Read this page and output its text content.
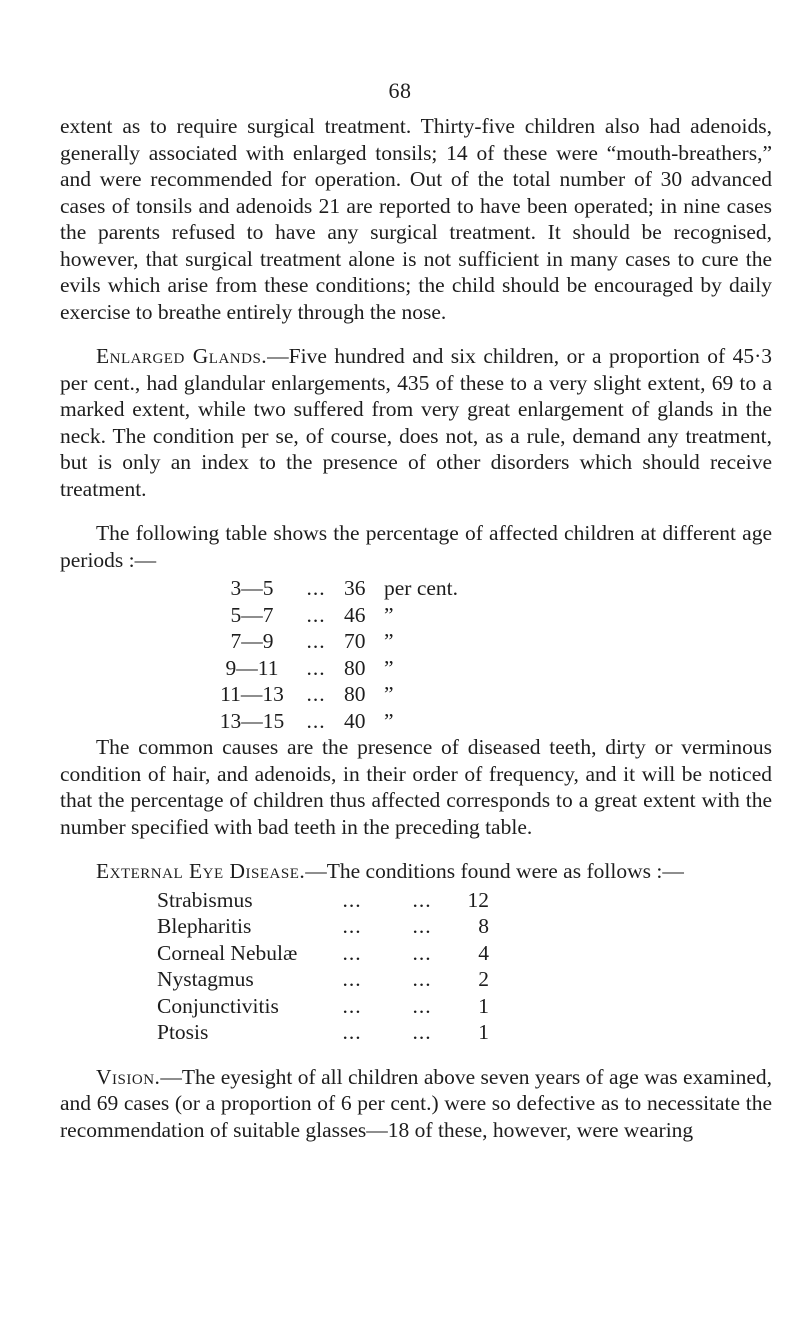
68

extent as to require surgical treatment. Thirty-five children also had adenoids, generally associated with enlarged tonsils; 14 of these were “mouth-breathers,” and were recommended for operation. Out of the total number of 30 advanced cases of tonsils and adenoids 21 are reported to have been operated; in nine cases the parents refused to have any surgical treatment. It should be recognised, however, that surgical treatment alone is not sufficient in many cases to cure the evils which arise from these conditions; the child should be encouraged by daily exercise to breathe entirely through the nose.

Enlarged Glands.—Five hundred and six children, or a proportion of 45·3 per cent., had glandular enlargements, 435 of these to a very slight extent, 69 to a marked extent, while two suffered from very great enlargement of glands in the neck. The condition per se, of course, does not, as a rule, demand any treatment, but is only an index to the presence of other disorders which should receive treatment.

The following table shows the percentage of affected children at different age periods :—

3—5	...	36	per cent.
5—7	...	46	”
7—9	...	70	”
9—11	...	80	”
11—13	...	80	”
13—15	...	40	”

The common causes are the presence of diseased teeth, dirty or verminous condition of hair, and adenoids, in their order of frequency, and it will be noticed that the percentage of children thus affected corresponds to a great extent with the number specified with bad teeth in the preceding table.

External Eye Disease.—The conditions found were as follows :—

Strabismus	...	...	12
Blepharitis	...	...	8
Corneal Nebulæ	...	...	4
Nystagmus	...	...	2
Conjunctivitis	...	...	1
Ptosis	...	...	1

Vision.—The eyesight of all children above seven years of age was examined, and 69 cases (or a proportion of 6 per cent.) were so defective as to necessitate the recommendation of suitable glasses—18 of these, however, were wearing
